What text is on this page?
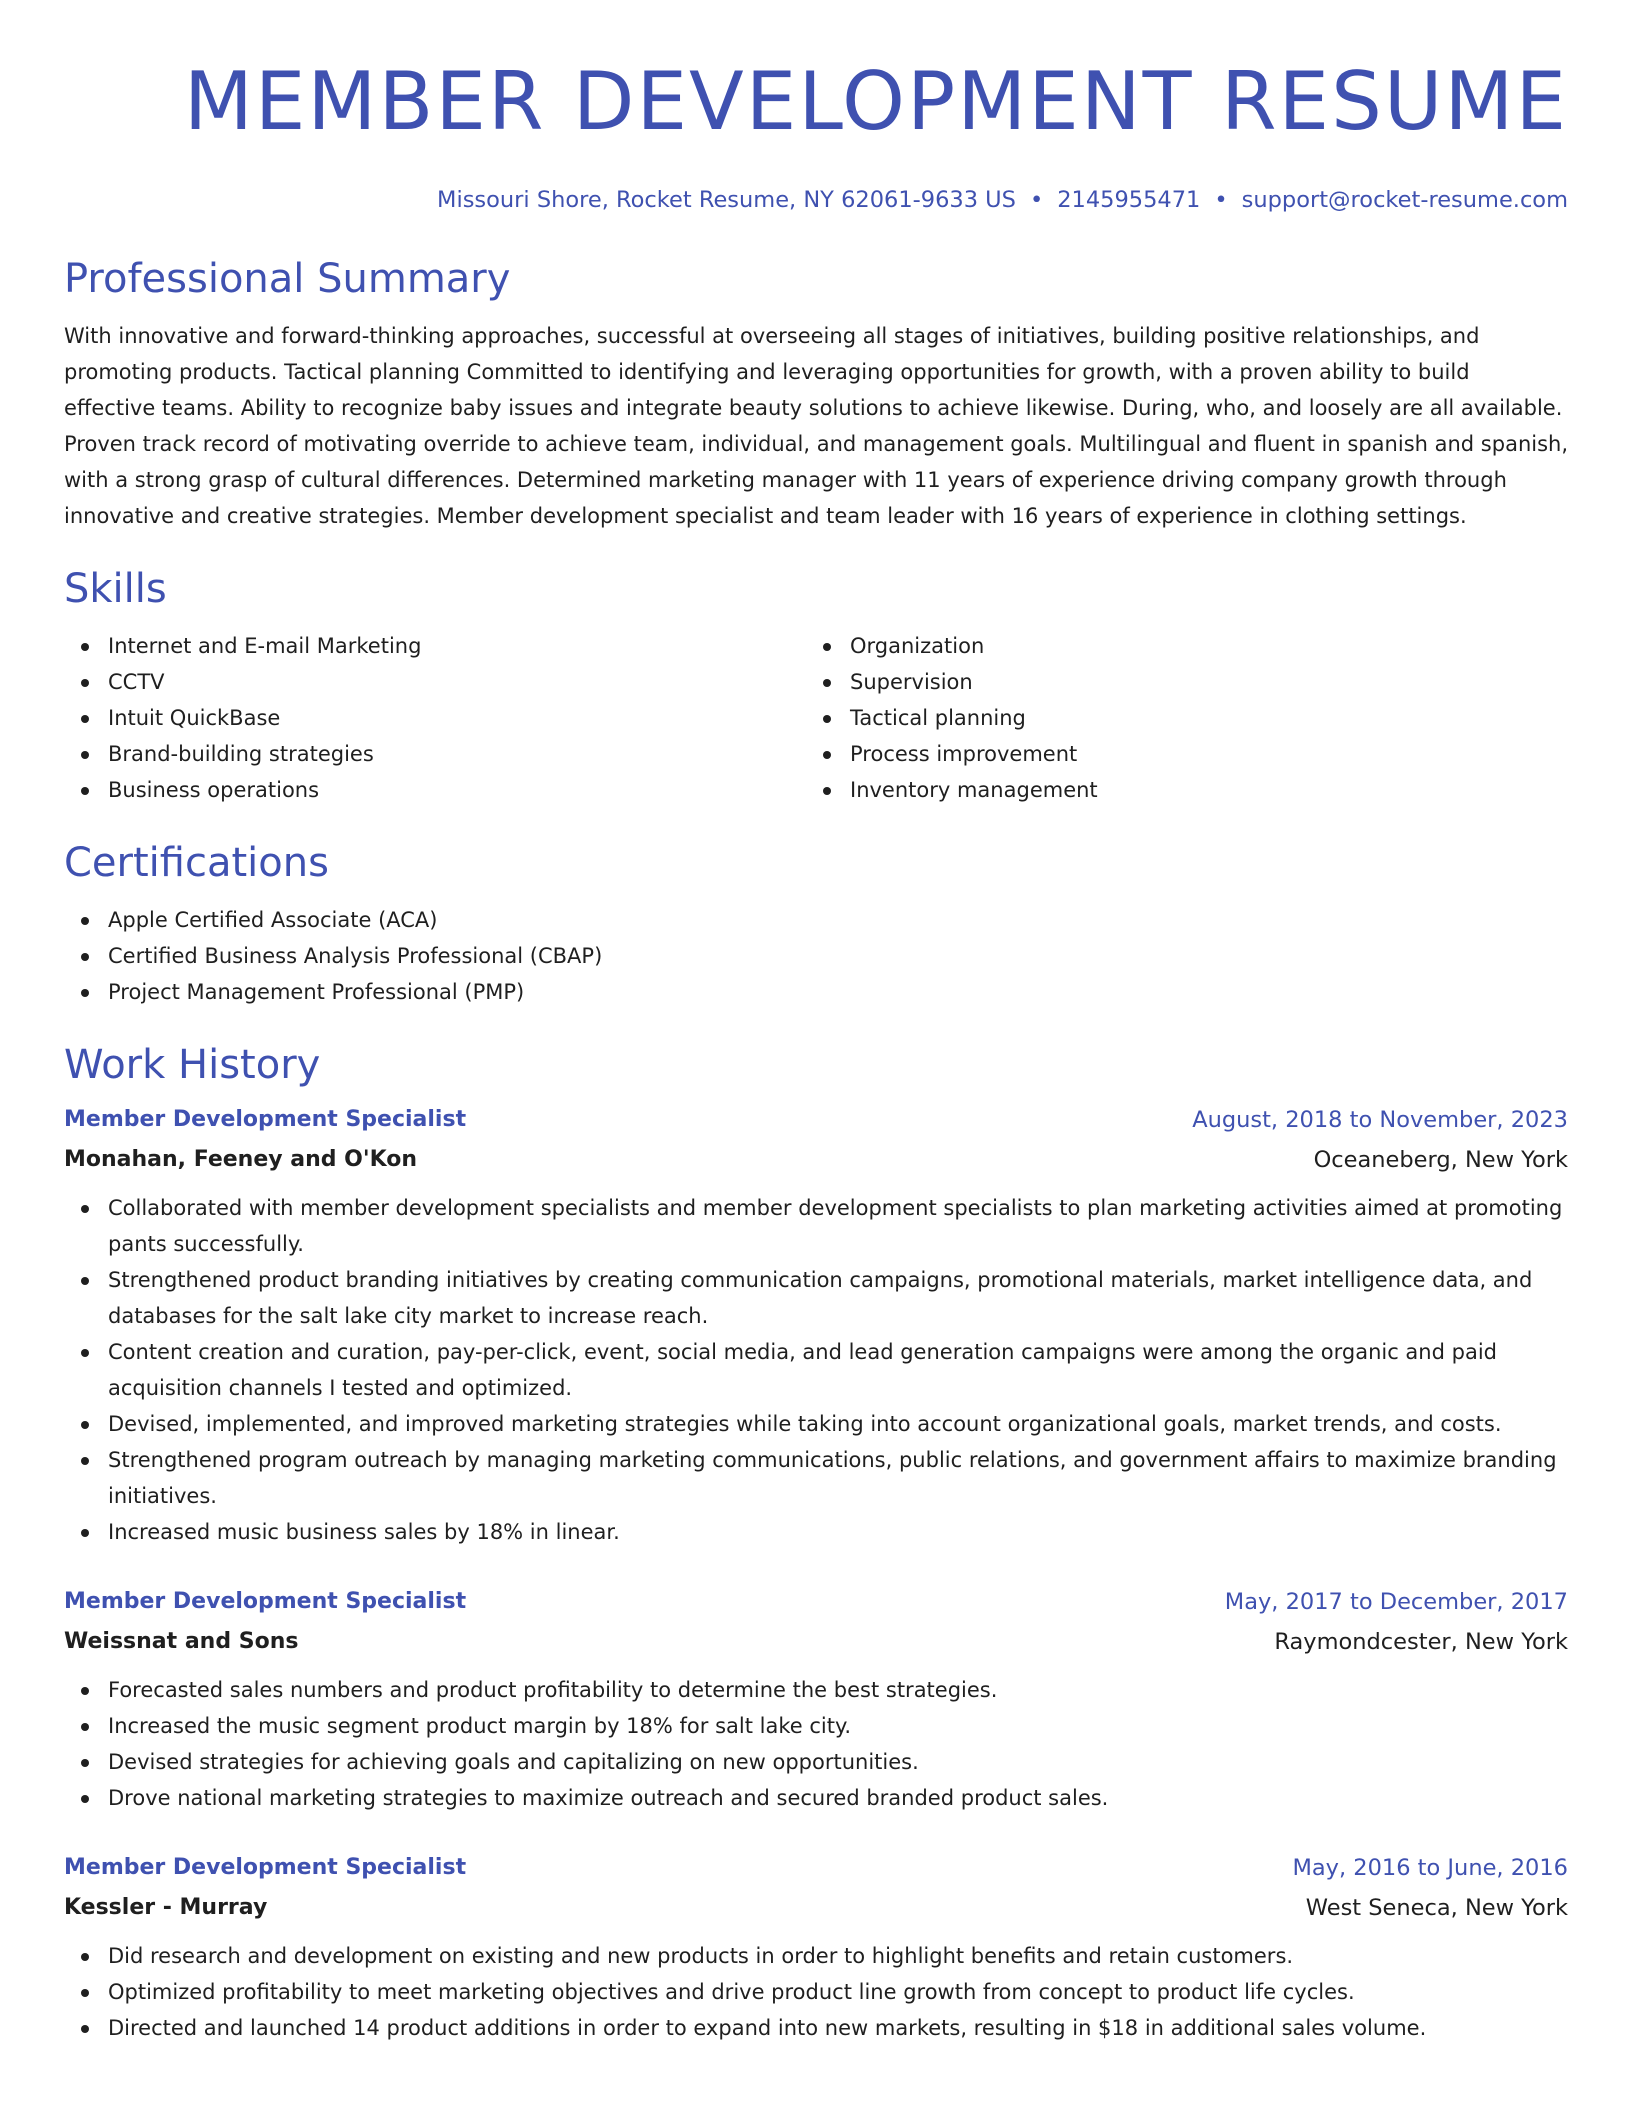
MEMBER DEVELOPMENT RESUME
Missouri Shore, Rocket Resume, NY 62061-9633 US • 2145955471 • support@rocket-resume.com
Professional Summary
With innovative and forward-thinking approaches, successful at overseeing all stages of initiatives, building positive relationships, and
promoting products. Tactical planning Committed to identifying and leveraging opportunities for growth, with a proven ability to build
effective teams. Ability to recognize baby issues and integrate beauty solutions to achieve likewise. During, who, and loosely are all available.
Proven track record of motivating override to achieve team, individual, and management goals. Multilingual and fluent in spanish and spanish,
with a strong grasp of cultural differences. Determined marketing manager with 11 years of experience driving company growth through
innovative and creative strategies. Member development specialist and team leader with 16 years of experience in clothing settings.
Skills
Internet and E-mail Marketing
CCTV
Intuit QuickBase
Brand-building strategies
Business operations
Organization
Supervision
Tactical planning
Process improvement
Inventory management
Certifications
Apple Certified Associate (ACA)
Certified Business Analysis Professional (CBAP)
Project Management Professional (PMP)
Work History
Member Development Specialist	August, 2018 to November, 2023
Monahan, Feeney and O'Kon	Oceaneberg, New York
Collaborated with member development specialists and member development specialists to plan marketing activities aimed at promoting
pants successfully.
Strengthened product branding initiatives by creating communication campaigns, promotional materials, market intelligence data, and
databases for the salt lake city market to increase reach.
Content creation and curation, pay-per-click, event, social media, and lead generation campaigns were among the organic and paid
acquisition channels I tested and optimized.
Devised, implemented, and improved marketing strategies while taking into account organizational goals, market trends, and costs.
Strengthened program outreach by managing marketing communications, public relations, and government affairs to maximize branding
initiatives.
Increased music business sales by 18% in linear.
Member Development Specialist	May, 2017 to December, 2017
Weissnat and Sons	Raymondcester, New York
Forecasted sales numbers and product profitability to determine the best strategies.
Increased the music segment product margin by 18% for salt lake city.
Devised strategies for achieving goals and capitalizing on new opportunities.
Drove national marketing strategies to maximize outreach and secured branded product sales.
Member Development Specialist	May, 2016 to June, 2016
Kessler - Murray	West Seneca, New York
Did research and development on existing and new products in order to highlight benefits and retain customers.
Optimized profitability to meet marketing objectives and drive product line growth from concept to product life cycles.
Directed and launched 14 product additions in order to expand into new markets, resulting in $18 in additional sales volume.
